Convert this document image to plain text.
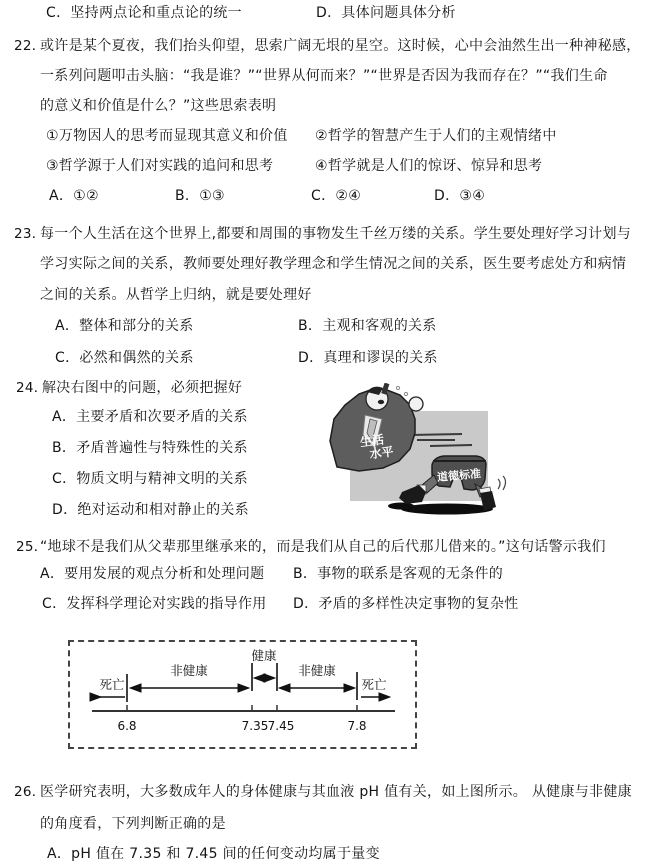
C．坚持两点论和重点论的统一	D．具体问题具体分析
22．
或许是某个夏夜，我们抬头仰望，思索广阔无垠的星空。这时候，心中会油然生出一种神秘感，
一系列问题叩击头脑：“我是谁？”“世界从何而来？”“世界是否因为我而存在？”“我们生命
的意义和价值是什么？”这些思索表明
①万物因人的思考而显现其意义和价值 ②哲学的智慧产生于人们的主观情绪中
③哲学源于人们对实践的追问和思考	④哲学就是人们的惊讶、惊异和思考
A．①②	B．①③	C．②④	D．③④
23．
每一个人生活在这个世界上,都要和周围的事物发生千丝万缕的关系。学生要处理好学习计划与
学习实际之间的关系，教师要处理好教学理念和学生情况之间的关系，医生要考虑处方和病情
之间的关系。从哲学上归纳，就是要处理好
A．整体和部分的关系	B．主观和客观的关系
C．必然和偶然的关系	D．真理和谬误的关系
24．
解决右图中的问题，必须把握好
A．主要矛盾和次要矛盾的关系
B．矛盾普遍性与特殊性的关系
C．物质文明与精神文明的关系
D．绝对运动和相对静止的关系
生活
水平
道德标准
25．
“地球不是我们从父辈那里继承来的，而是我们从自己的后代那儿借来的。”这句话警示我们
A．要用发展的观点分析和处理问题 B．事物的联系是客观的无条件的
C．发挥科学理论对实践的指导作用 D．矛盾的多样性决定事物的复杂性
死亡
非健康
健康
非健康
死亡
6.8	7.35 7.45	7.8
26．
医学研究表明，大多数成年人的身体健康与其血液 pH 值有关，如上图所示。 从健康与非健康
的角度看，下列判断正确的是
A．pH 值在 7.35 和 7.45 间的任何变动均属于量变
